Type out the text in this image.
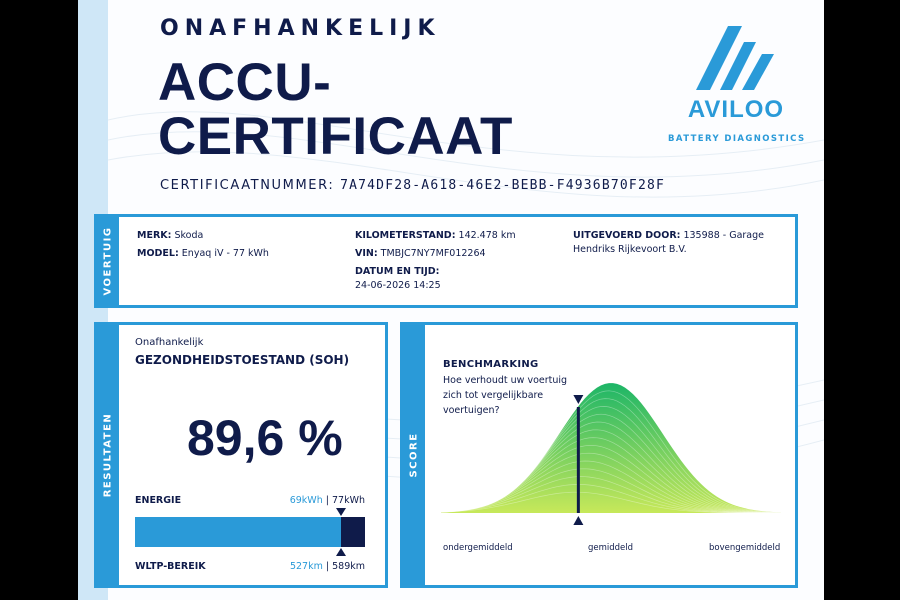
ONAFHANKELIJK
ACCU-
CERTIFICAAT
CERTIFICAATNUMMER: 7A74DF28-A618-46E2-BEBB-F4936B70F28F
AVILOO
BATTERY DIAGNOSTICS
VOERTUIG MERK: Skoda
MODEL: Enyaq iV - 77 kWh
KILOMETERSTAND: 142.478 km
VIN: TMBJC7NY7MF012264
DATUM EN TIJD:
24-06-2026 14:25
UITGEVOERD DOOR: 135988 - Garage
Hendriks Rijkevoort B.V.
RESULTATEN
Onafhankelijk
GEZONDHEIDSTOESTAND (SOH)
89,6 %
ENERGIE	69kWh | 77kWh
WLTP-BEREIK	527km | 589km
SCORE
BENCHMARKING
Hoe verhoudt uw voertuig zich tot vergelijkbare voertuigen?
ondergemiddeld	gemiddeld	bovengemiddeld
